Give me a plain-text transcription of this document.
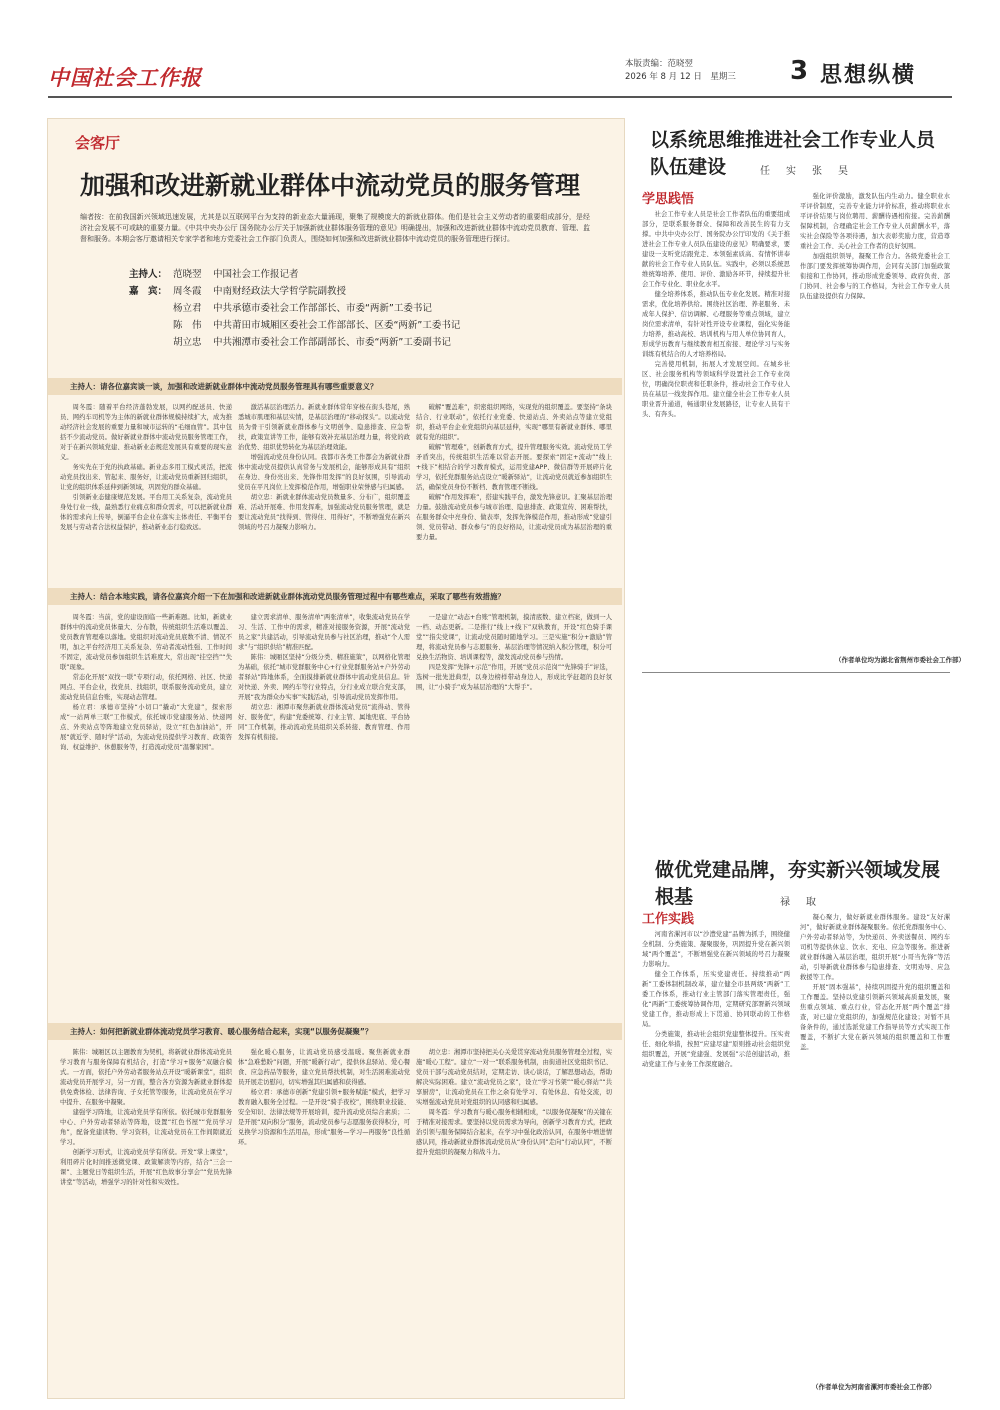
中国社会工作报
本版责编：范晓翌
2026 年 8 月 12 日　星期三 3 思想纵横
会客厅
加强和改进新就业群体中流动党员的服务管理
编者按：在前我国新兴领域迅速发展，尤其是以互联网平台为支持的新业态大量涌现，聚集了规模庞大的新就业群体。他们是社会主义劳动者的重要组成部分，是经济社会发展不可或缺的重要力量。《中共中央办公厅 国务院办公厅关于加强新就业群体服务管理的意见》明确提出，加强和改进新就业群体中流动党员教育、管理、监督和服务。本期会客厅邀请相关专家学者和地方党委社会工作部门负责人，围绕如何加强和改进新就业群体中流动党员的服务管理进行探讨。
主持人： 范晓翌 中国社会工作报记者
嘉　宾： 周冬霞 中南财经政法大学哲学院副教授
杨立君 中共承德市委社会工作部部长、市委“两新”工委书记
陈　伟 中共莆田市城厢区委社会工作部部长、区委“两新”工委书记
胡立忠 中共湘潭市委社会工作部副部长、市委“两新”工委副书记
主持人：请各位嘉宾谈一谈，加强和改进新就业群体中流动党员服务管理具有哪些重要意义？

周冬霞：随着平台经济蓬勃发展，以网约配送员、快递员、网约车司机等为主体的新就业群体规模持续扩大，成为推动经济社会发展的重要力量和城市运转的“毛细血管”。其中包括不少流动党员。做好新就业群体中流动党员服务管理工作，对于在新兴领域党建、推动新业态规范发展具有重要的现实意义。

务实先在于党的执政基础。新业态多用工模式灵活，把流动党员找出来、管起来、服务好，让流动党员重新回归组织，让党的组织体系延伸到新领域，巩固党的群众基础。

引领新业态健康规范发展。平台用工关系复杂，流动党员身处行业一线，最熟悉行业痛点和群众需求，可以把新就业群体的需求向上传导，倒逼平台企业在落实主体责任、平衡平台发展与劳动者合法权益保护，推动新业态行稳致远。

激活基层治理活力。新就业群体常年穿梭在街头巷尾，熟悉城市肌理和基层实情，是基层治理的“移动探头”。以流动党员为骨干引领新就业群体参与文明创争、隐患排查、应急帮扶，政策宣讲等工作，能够有效补充基层治理力量，将党的政治优势、组织优势转化为基层治理效能。

增强流动党员身份认同。我都市各类工作都会为新就业群体中流动党员提供认真常务与发展机会，能够形成具有“组织在身边、身份亮出来、先锋作用发挥”的良好氛围，引导流动党员在平凡岗位上发挥模范作用，增强职业荣誉感与归属感。

胡立忠：新就业群体流动党员数量多、分布广，组织覆盖难、活动开展难、作用发挥难，加强流动党员服务管理，就是要让流动党员“找得到、管得住、用得好”，不断增强党在新兴领域的号召力凝聚力影响力。

破解“覆盖难”，织密组织网络，实现党的组织覆盖。要坚持“条块结合、行业联动”，依托行业党委、快递站点、外卖站点等建立党组织，推动平台企业党组织向基层延伸，实现“哪里有新就业群体、哪里就有党的组织”。

破解“管理难”，创新教育方式，提升管理服务实效。流动党员工学矛盾突出，传统组织生活难以常态开展。要探索“固定+流动”“线上+线下”相结合的学习教育模式，运用党建APP、微信群等开展碎片化学习，依托党群服务站点设立“暖新驿站”，让流动党员就近参加组织生活，确保党员身份不断档、教育管理不断线。

破解“作用发挥难”，搭建实践平台，激发先锋意识。汇聚基层治理力量。鼓励流动党员参与城市治理、隐患排查、政策宣传、困难帮扶，在服务群众中亮身份、做表率，发挥先锋模范作用，推动形成“党建引领、党员带动、群众参与”的良好格局，让流动党员成为基层治理的重要力量。

主持人：结合本地实践，请各位嘉宾介绍一下在加强和改进新就业群体流动党员服务管理过程中有哪些难点，采取了哪些有效措施？

周冬霞：当前，党的建设面临一些新难题。比如，新就业群体中的流动党员体量大、分布散，传统组织生活难以覆盖、党员教育管理难以落地。党组织对流动党员底数不清、情况不明，加之平台经济用工关系复杂、劳动者流动性强、工作时间不固定，流动党员参加组织生活难度大，常出现“挂空挡”“失联”现象。

常态化开展“双找一联”专项行动，依托网格、社区、快递网点、平台企业，找党员、找组织，联系服务流动党员，建立流动党员信息台账，实现动态管理。

杨立君：承德市坚持“小切口”撬动“大党建”，探索形成“一站两单三联”工作模式，依托城市党建服务站、快递网点、外卖站点等阵地建立党员驿站，设立“红色加油站”，开展“就近学、随时学”活动，为流动党员提供学习教育、政策咨询、权益维护、休憩服务等，打造流动党员“温馨家园”。

建立需求清单、服务清单“两张清单”，收集流动党员在学习、生活、工作中的需求，精准对接服务资源，开展“流动党员之家”共建活动，引导流动党员参与社区治理，推动“个人需求”与“组织供给”精准匹配。

陈伟：城厢区坚持“分级分类、精准施策”，以网格化管理为基础，依托“城市党群服务中心+行业党群服务站+户外劳动者驿站”阵地体系，全面摸排新就业群体中流动党员信息。针对快递、外卖、网约车等行业特点，分行业成立联合党支部，开展“我为群众办实事”实践活动，引导流动党员发挥作用。

胡立忠：湘潭市聚焦新就业群体流动党员“流得动、管得好、服务优”，构建“党委统筹、行业主管、属地兜底、平台协同”工作机制，推动流动党员组织关系转接、教育管理、作用发挥有机衔接。

一是建立“动态+台账”管理机制，摸清底数、建立档案，做到一人一档、动态更新。二是推行“线上+线下”双轨教育，开设“红色骑手课堂”“指尖党课”，让流动党员随时随地学习。三是实施“积分+激励”管理，将流动党员参与志愿服务、基层治理等情况纳入积分管理，积分可兑换生活物资、培训课程等，激发流动党员参与热情。

四是发挥“先锋+示范”作用，开展“党员示范岗”“先锋骑手”评选，选树一批先进典型，以身边榜样带动身边人，形成比学赶超的良好氛围，让“小骑手”成为基层治理的“大帮手”。

主持人：如何把新就业群体流动党员学习教育、暖心服务结合起来，实现“以服务促凝聚”？

陈伟：城厢区以主题教育为契机，将新就业群体流动党员学习教育与服务保障有机结合，打造“学习+服务”双融合模式。一方面，依托户外劳动者服务站点开设“暖新课堂”，组织流动党员开展学习，另一方面，整合各方资源为新就业群体提供免费体检、法律咨询、子女托管等服务，让流动党员在学习中提升、在服务中凝聚。

建强学习阵地，让流动党员学有所依。依托城市党群服务中心、户外劳动者驿站等阵地，设置“红色书屋”“党员学习角”，配备党建读物、学习资料，让流动党员在工作间隙就近学习。

创新学习形式，让流动党员学有所获。开发“掌上课堂”，利用碎片化时间推送微党课、政策解读等内容，结合“三会一课”、主题党日等组织生活，开展“红色故事分享会”“党员先锋讲堂”等活动，增强学习的针对性和实效性。

强化暖心服务，让流动党员感受温暖。聚焦新就业群体“急难愁盼”问题，开展“暖新行动”，提供休息驿站、爱心餐食、应急药品等服务，建立党员帮扶机制，对生活困难流动党员开展走访慰问，切实增强其归属感和获得感。

杨立君：承德市创新“党建引领+服务赋能”模式，把学习教育融入服务全过程。一是开设“骑手夜校”，围绕职业技能、安全知识、法律法规等开展培训，提升流动党员综合素质；二是开展“双向积分”服务，流动党员参与志愿服务获得积分，可兑换学习资源和生活用品，形成“服务—学习—再服务”良性循环。

胡立忠：湘潭市坚持把关心关爱贯穿流动党员服务管理全过程，实施“暖心工程”。建立“一对一”联系服务机制，由街道社区党组织书记、党员干部与流动党员结对，定期走访、谈心谈话，了解思想动态，帮助解决实际困难。建立“流动党员之家”，设立“学习书架”“暖心驿站”“共享厨房”，让流动党员在工作之余有处学习、有处休息、有处交流，切实增强流动党员对党组织的认同感和归属感。

周冬霞：学习教育与暖心服务相辅相成，“以服务促凝聚”的关键在于精准对接需求。要坚持以党员需求为导向，创新学习教育方式，把政治引领与服务保障结合起来，在学习中强化政治认同，在服务中增进情感认同，推动新就业群体流动党员从“身份认同”走向“行动认同”，不断提升党组织的凝聚力和战斗力。

以系统思维推进社会工作专业人员队伍建设	任　实　张　昊
学思践悟

社会工作专业人员是社会工作者队伍的重要组成部分，是联系服务群众、保障和改善民生的有力支撑。中共中央办公厅、国务院办公厅印发的《关于推进社会工作专业人员队伍建设的意见》明确要求，要建设一支听党话跟党走、本领强素质高、有情怀讲奉献的社会工作专业人员队伍。实践中，必须以系统思维统筹培养、使用、评价、激励各环节，持续提升社会工作专业化、职业化水平。

健全培养体系，推动队伍专业化发展。精准对接需求，优化培养供给。围绕社区治理、养老服务、未成年人保护、信访调解、心理服务等重点领域，建立岗位需求清单，有针对性开设专业课程，强化实务能力培养，推动高校、培训机构与用人单位协同育人，形成学历教育与继续教育相互衔接、理论学习与实务训练有机结合的人才培养格局。

完善使用机制，拓展人才发展空间。在城乡社区、社会服务机构等领域科学设置社会工作专业岗位，明确岗位职责和任职条件，推动社会工作专业人员在基层一线发挥作用。建立健全社会工作专业人员职业晋升通道，畅通职业发展路径，让专业人员有干头、有奔头。

强化评价激励，激发队伍内生动力。健全职业水平评价制度，完善专业能力评价标准，推动将职业水平评价结果与岗位聘用、薪酬待遇相衔接。完善薪酬保障机制，合理确定社会工作专业人员薪酬水平，落实社会保险等各项待遇，加大表彰奖励力度，营造尊重社会工作、关心社会工作者的良好氛围。

加强组织领导，凝聚工作合力。各级党委社会工作部门要发挥统筹协调作用，会同有关部门加强政策衔接和工作协同，推动形成党委领导、政府负责、部门协同、社会参与的工作格局，为社会工作专业人员队伍建设提供有力保障。

（作者单位均为湖北省荆州市委社会工作部）
做优党建品牌，夯实新兴领域发展根基	禄　取
工作实践

河南省漯河市以“沙澧党建”品牌为抓手，围绕健全机制、分类施策、凝聚服务，巩固提升党在新兴领域“两个覆盖”，不断增强党在新兴领域的号召力凝聚力影响力。

健全工作体系，压实党建责任。持续推动“两新”工委体制机制改革，建立健全市县两级“两新”工委工作体系，推动行业主管部门落实管理责任，强化“两新”工委统筹协调作用，定期研究部署新兴领域党建工作，推动形成上下贯通、协同联动的工作格局。

分类施策，推动社会组织党建整体提升。压实责任、细化举措，按照“应建尽建”原则推动社会组织党组织覆盖，开展“党建强、发展强”示范创建活动，推动党建工作与业务工作深度融合。

凝心聚力，做好新就业群体服务。建设“友好漯河”，做好新就业群体凝聚服务。依托党群服务中心、户外劳动者驿站等，为快递员、外卖送餐员、网约车司机等提供休息、饮水、充电、应急等服务。推进新就业群体融入基层治理，组织开展“小哥当先锋”等活动，引导新就业群体参与隐患排查、文明劝导、应急救援等工作。

开展“固本强基”，持续巩固提升党的组织覆盖和工作覆盖。坚持以党建引领新兴领域高质量发展，聚焦重点领域、重点行业，常态化开展“两个覆盖”排查，对已建立党组织的，加强规范化建设；对暂不具备条件的，通过选派党建工作指导员等方式实现工作覆盖，不断扩大党在新兴领域的组织覆盖和工作覆盖。

（作者单位为河南省漯河市委社会工作部）
